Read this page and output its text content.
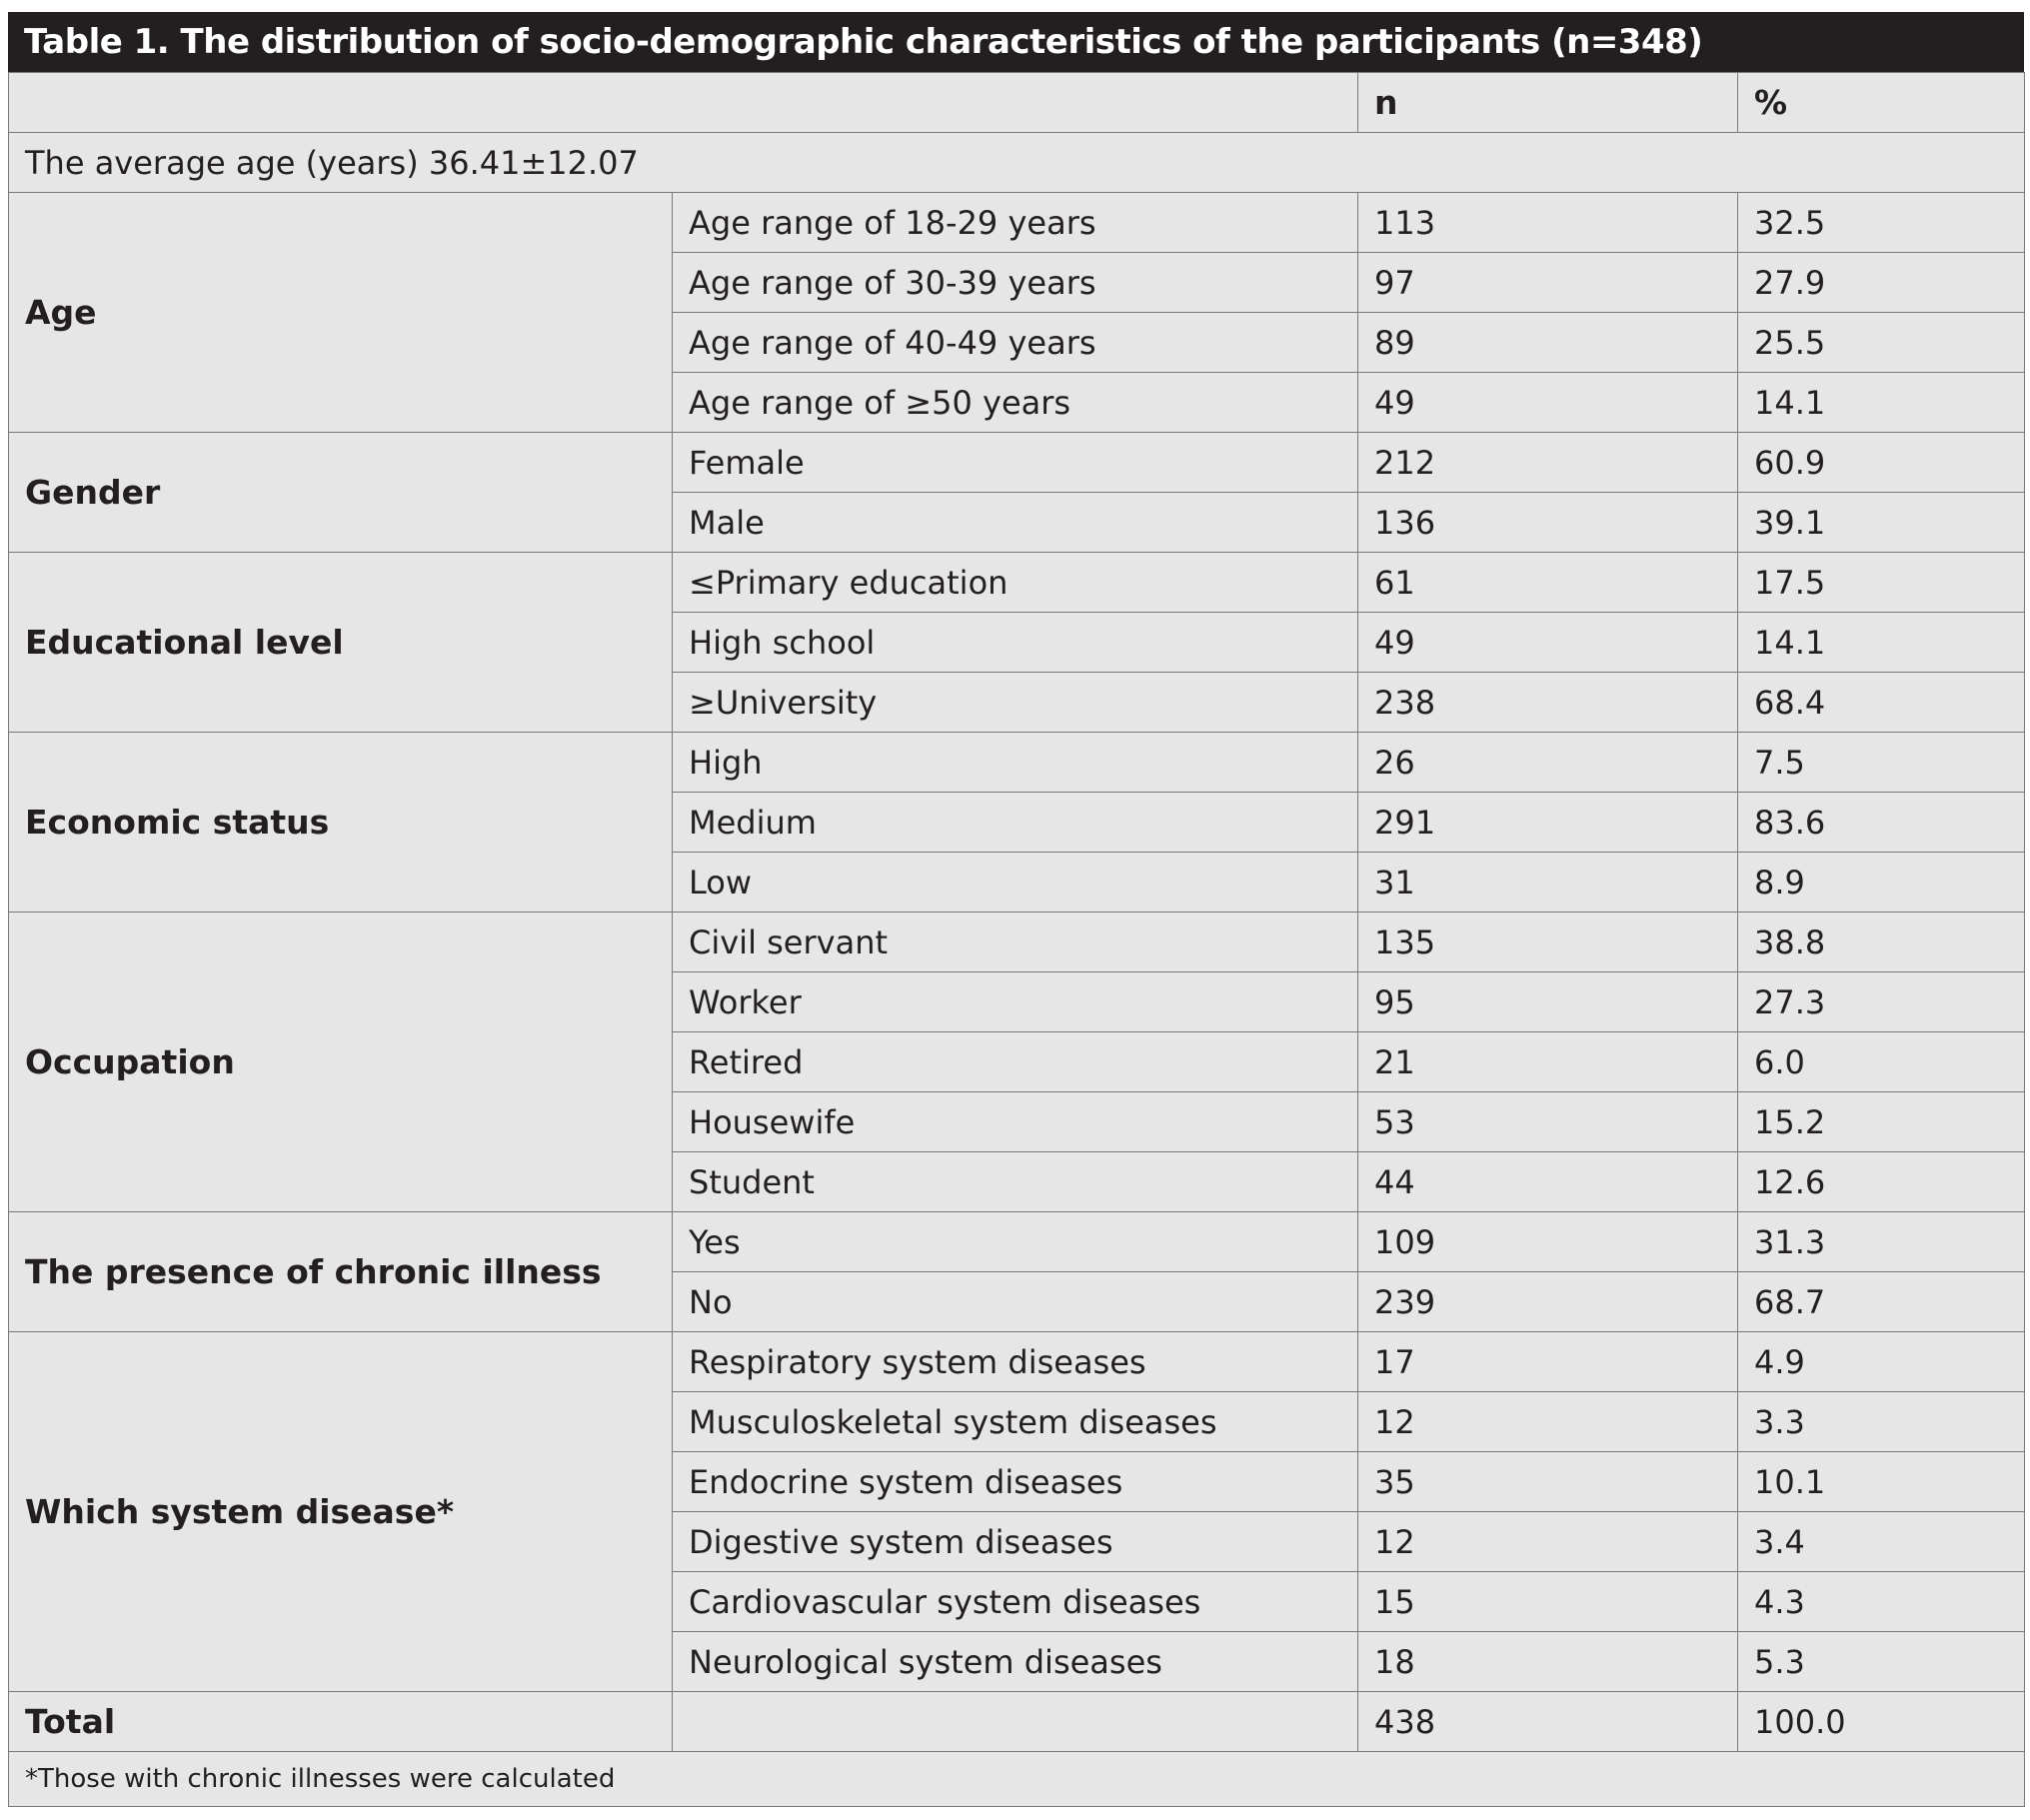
Table 1. The distribution of socio-demographic characteristics of the participants (n=348)
		n	%
The average age (years) 36.41±12.07			
Age	Age range of 18-29 years	113	32.5
	Age range of 30-39 years	97	27.9
	Age range of 40-49 years	89	25.5
	Age range of ≥50 years	49	14.1
Gender	Female	212	60.9
	Male	136	39.1
Educational level	≤Primary education	61	17.5
	High school	49	14.1
	≥University	238	68.4
Economic status	High	26	7.5
	Medium	291	83.6
	Low	31	8.9
Occupation	Civil servant	135	38.8
	Worker	95	27.3
	Retired	21	6.0
	Housewife	53	15.2
	Student	44	12.6
The presence of chronic illness	Yes	109	31.3
	No	239	68.7
Which system disease*	Respiratory system diseases	17	4.9
	Musculoskeletal system diseases	12	3.3
	Endocrine system diseases	35	10.1
	Digestive system diseases	12	3.4
	Cardiovascular system diseases	15	4.3
	Neurological system diseases	18	5.3
Total		438	100.0
*Those with chronic illnesses were calculated			
